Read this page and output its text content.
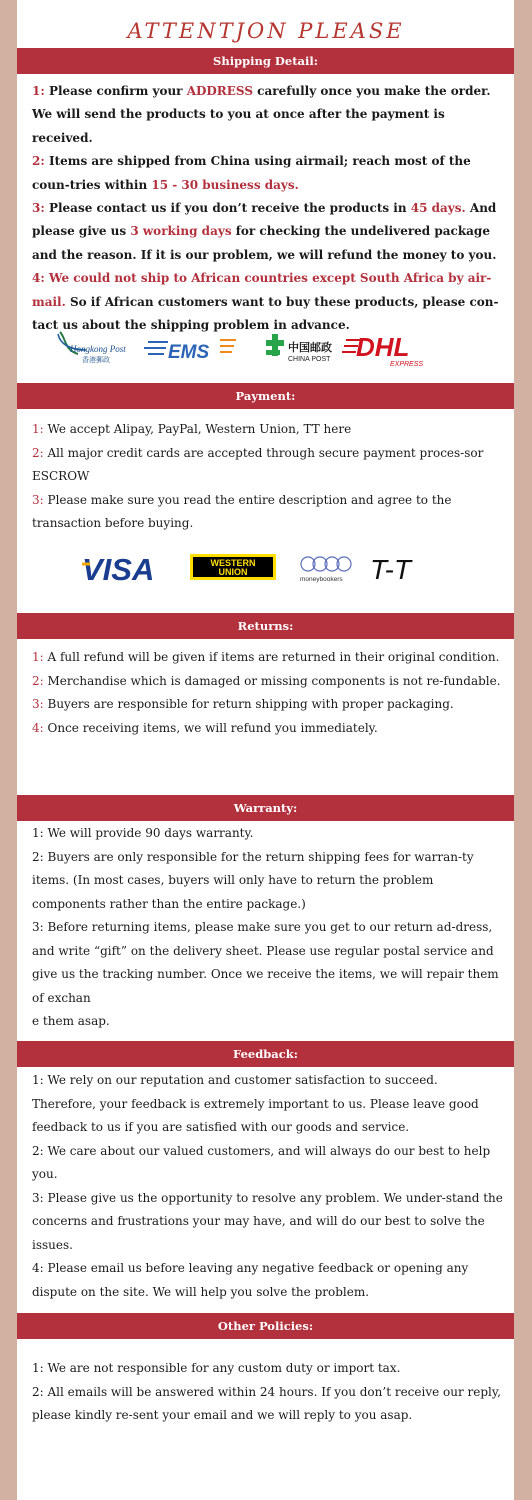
ATTENTJON PLEASE
Shipping Detail:

1: Please confirm your ADDRESS carefully once you make the order. We will send the products to you at once after the payment is received.

2: Items are shipped from China using airmail; reach most of the coun-tries within 15 - 30 business days.

3: Please contact us if you don’t receive the products in 45 days. And please give us 3 working days for checking the undelivered package and the reason. If it is our problem, we will refund the money to you.

4: We could not ship to African countries except South Africa by air-mail. So if African customers want to buy these products, please con-tact us about the shipping problem in advance.

Hongkong Post
香港郵政	EMS	中国邮政
CHINA POST DHL
EXPRESS
Payment:

1: We accept Alipay, PayPal, Western Union, TT here

2: All major credit cards are accepted through secure payment proces-sor ESCROW

3: Please make sure you read the entire description and agree to the transaction before buying.

VISA	WESTERN
UNION
moneybookers T-T
Returns:

1: A full refund will be given if items are returned in their original condition.

2: Merchandise which is damaged or missing components is not re-fundable.

3: Buyers are responsible for return shipping with proper packaging.

4: Once receiving items, we will refund you immediately.

Warranty:

1: We will provide 90 days warranty.

2: Buyers are only responsible for the return shipping fees for warran-ty items. (In most cases, buyers will only have to return the problem components rather than the entire package.)

3: Before returning items, please make sure you get to our return ad-dress, and write “gift” on the delivery sheet. Please use regular postal service and give us the tracking number. Once we receive the items, we will repair them of exchan

e them asap.

Feedback:

1: We rely on our reputation and customer satisfaction to succeed. Therefore, your feedback is extremely important to us. Please leave good feedback to us if you are satisfied with our goods and service.

2: We care about our valued customers, and will always do our best to help you.

3: Please give us the opportunity to resolve any problem. We under-stand the concerns and frustrations your may have, and will do our best to solve the issues.

4: Please email us before leaving any negative feedback or opening any dispute on the site. We will help you solve the problem.

Other Policies:

1: We are not responsible for any custom duty or import tax.

2: All emails will be answered within 24 hours. If you don’t receive our reply, please kindly re-sent your email and we will reply to you asap.
